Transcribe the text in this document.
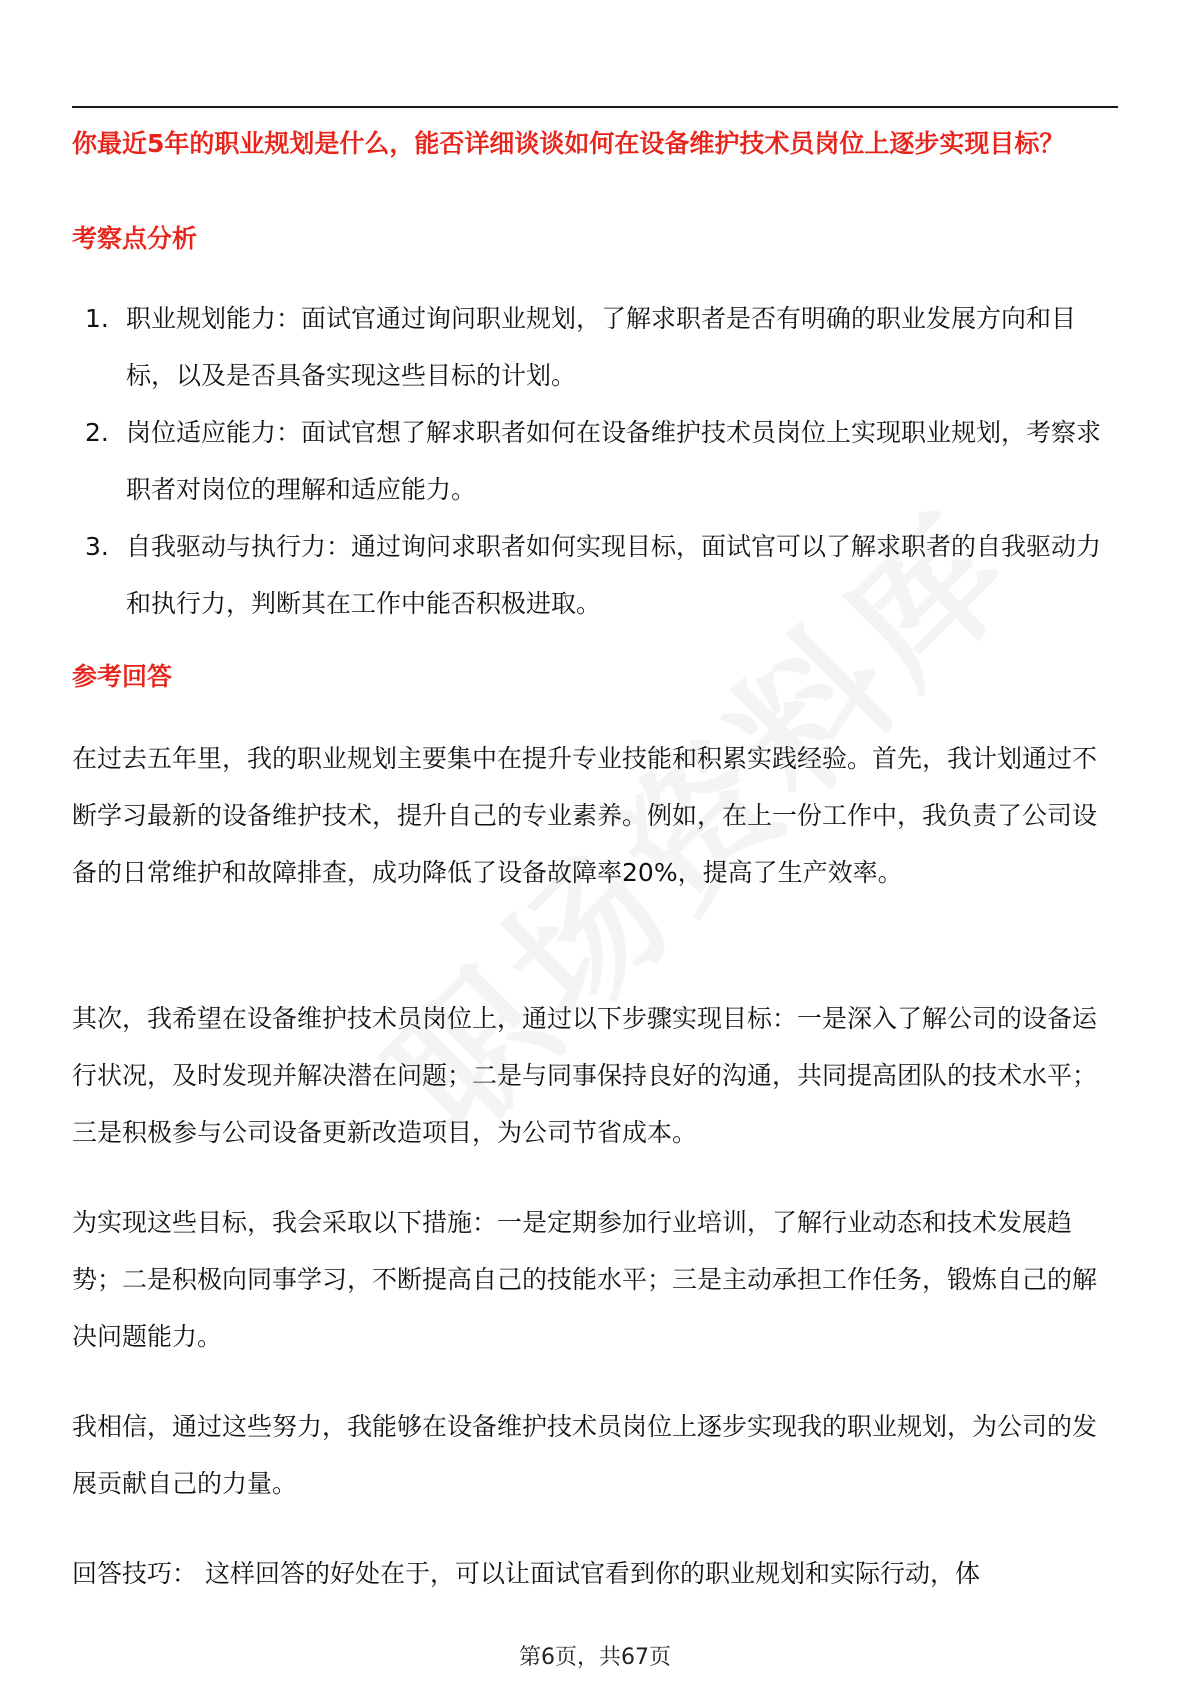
你最近5年的职业规划是什么，能否详细谈谈如何在设备维护技术员岗位上逐步实现目标？
考察点分析
1. 职业规划能力：面试官通过询问职业规划，了解求职者是否有明确的职业发展方向和目标，以及是否具备实现这些目标的计划。
2. 岗位适应能力：面试官想了解求职者如何在设备维护技术员岗位上实现职业规划，考察求职者对岗位的理解和适应能力。
3. 自我驱动与执行力：通过询问求职者如何实现目标，面试官可以了解求职者的自我驱动力和执行力，判断其在工作中能否积极进取。
参考回答

在过去五年里，我的职业规划主要集中在提升专业技能和积累实践经验。首先，我计划通过不断学习最新的设备维护技术，提升自己的专业素养。例如，在上一份工作中，我负责了公司设备的日常维护和故障排查，成功降低了设备故障率20%，提高了生产效率。

其次，我希望在设备维护技术员岗位上，通过以下步骤实现目标：一是深入了解公司的设备运行状况，及时发现并解决潜在问题；二是与同事保持良好的沟通，共同提高团队的技术水平；三是积极参与公司设备更新改造项目，为公司节省成本。

为实现这些目标，我会采取以下措施：一是定期参加行业培训，了解行业动态和技术发展趋势；二是积极向同事学习，不断提高自己的技能水平；三是主动承担工作任务，锻炼自己的解决问题能力。

我相信，通过这些努力，我能够在设备维护技术员岗位上逐步实现我的职业规划，为公司的发展贡献自己的力量。

回答技巧： 这样回答的好处在于，可以让面试官看到你的职业规划和实际行动，体

第6页，共67页
